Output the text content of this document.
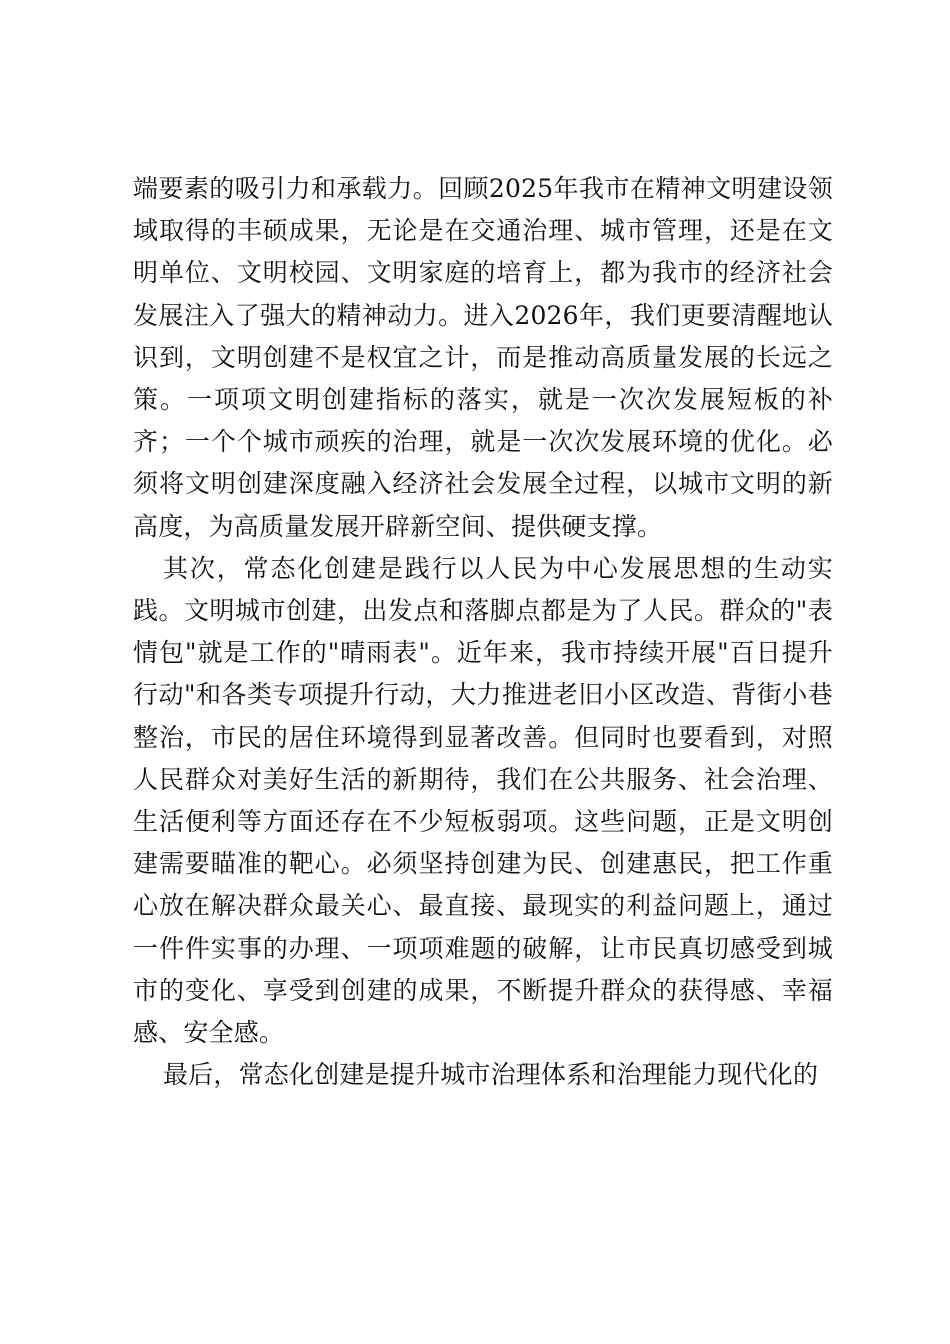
端要素的吸引力和承载力。回顾2025年我市在精神文明建设领域取得的丰硕成果，无论是在交通治理、城市管理，还是在文明单位、文明校园、文明家庭的培育上，都为我市的经济社会发展注入了强大的精神动力。进入2026年，我们更要清醒地认识到，文明创建不是权宜之计，而是推动高质量发展的长远之策。一项项文明创建指标的落实，就是一次次发展短板的补齐；一个个城市顽疾的治理，就是一次次发展环境的优化。必须将文明创建深度融入经济社会发展全过程，以城市文明的新高度，为高质量发展开辟新空间、提供硬支撑。

其次，常态化创建是践行以人民为中心发展思想的生动实践。文明城市创建，出发点和落脚点都是为了人民。群众的"表情包"就是工作的"晴雨表"。近年来，我市持续开展"百日提升行动"和各类专项提升行动，大力推进老旧小区改造、背街小巷整治，市民的居住环境得到显著改善。但同时也要看到，对照人民群众对美好生活的新期待，我们在公共服务、社会治理、生活便利等方面还存在不少短板弱项。这些问题，正是文明创建需要瞄准的靶心。必须坚持创建为民、创建惠民，把工作重心放在解决群众最关心、最直接、最现实的利益问题上，通过一件件实事的办理、一项项难题的破解，让市民真切感受到城市的变化、享受到创建的成果，不断提升群众的获得感、幸福感、安全感。

最后，常态化创建是提升城市治理体系和治理能力现代化的
